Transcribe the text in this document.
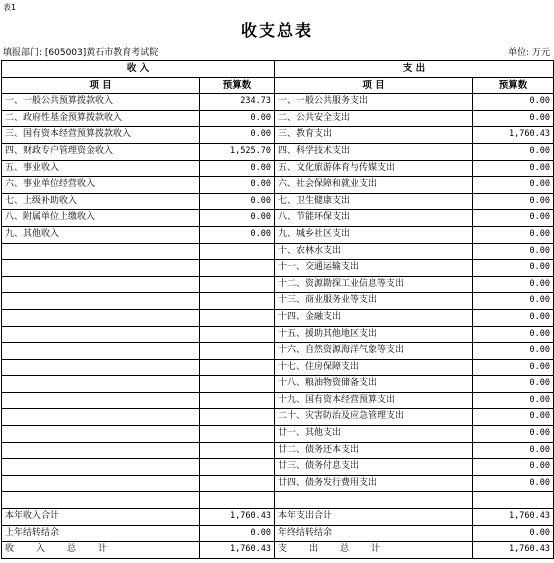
表1
收支总表
填报部门: [605003]黄石市教育考试院	单位: 万元
收 入		支 出	
项 目	预算数	项 目	预算数
一、一般公共预算拨款收入	234.73	一、一般公共服务支出	0.00
二、政府性基金预算拨款收入	0.00	二、公共安全支出	0.00
三、国有资本经营预算拨款收入	0.00	三、教育支出	1,760.43
四、财政专户管理资金收入	1,525.70	四、科学技术支出	0.00
五、事业收入	0.00	五、文化旅游体育与传媒支出	0.00
六、事业单位经营收入	0.00	六、社会保障和就业支出	0.00
七、上级补助收入	0.00	七、卫生健康支出	0.00
八、附属单位上缴收入	0.00	八、节能环保支出	0.00
九、其他收入	0.00	九、城乡社区支出	0.00
		十、农林水支出	0.00
		十一、交通运输支出	0.00
		十二、资源勘探工业信息等支出	0.00
		十三、商业服务业等支出	0.00
		十四、金融支出	0.00
		十五、援助其他地区支出	0.00
		十六、自然资源海洋气象等支出	0.00
		十七、住房保障支出	0.00
		十八、粮油物资储备支出	0.00
		十九、国有资本经营预算支出	0.00
		二十、灾害防治及应急管理支出	0.00
		廿一、其他支出	0.00
		廿二、债务还本支出	0.00
		廿三、债务付息支出	0.00
		廿四、债务发行费用支出	0.00

本年收入合计	1,760.43	本年支出合计	1,760.43
上年结转结余	0.00	年终结转结余	0.00
收入总计	1,760.43	支出总计	1,760.43
